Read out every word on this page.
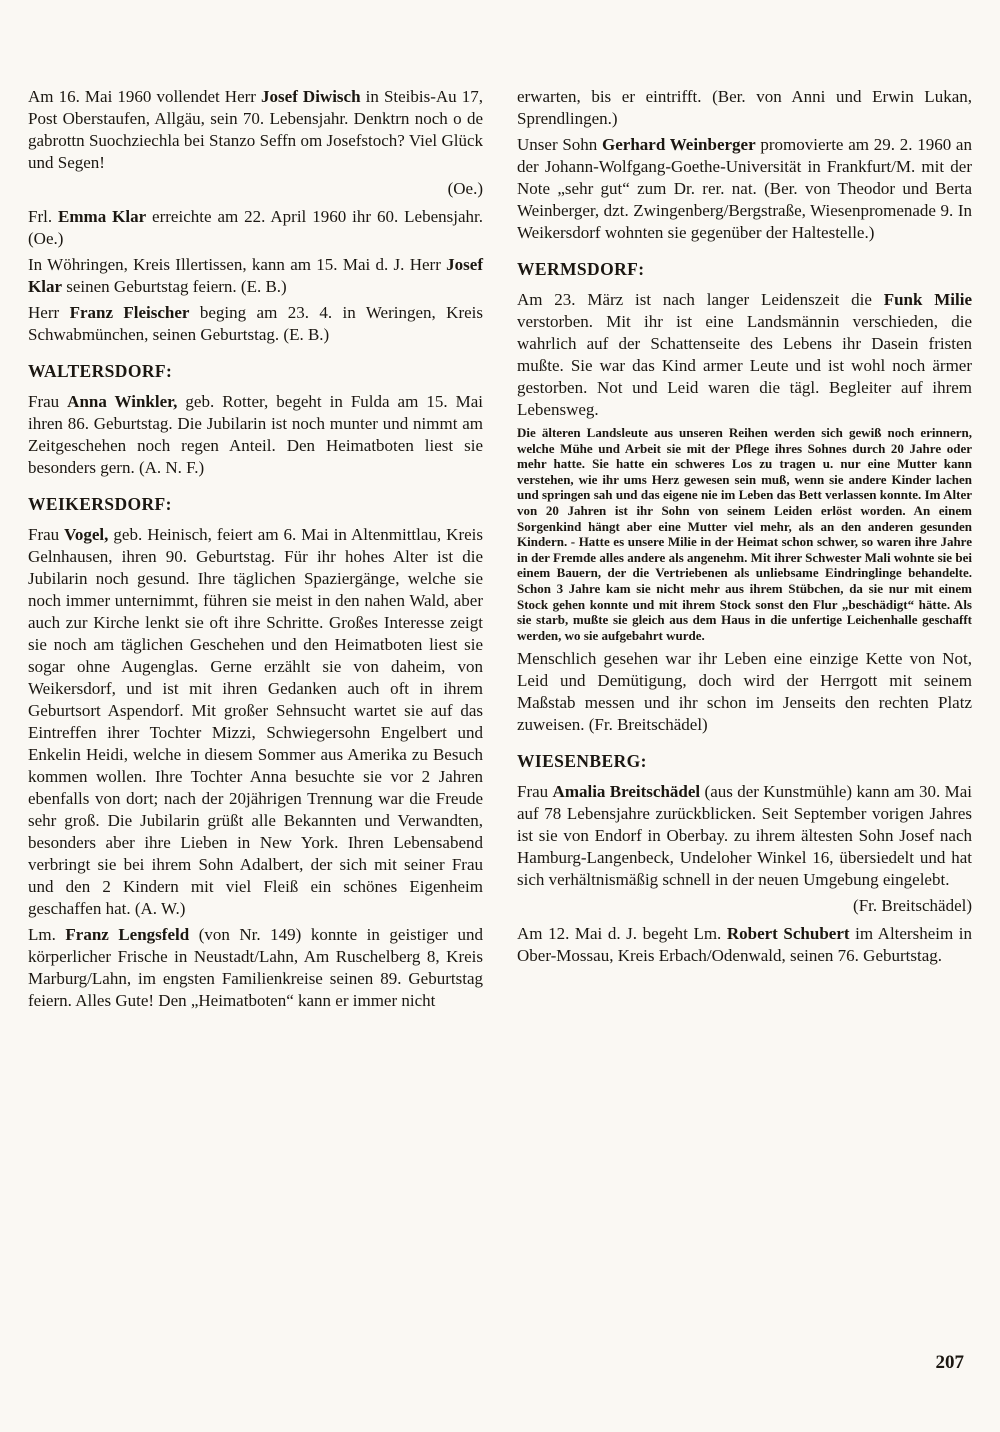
Am 16. Mai 1960 vollendet Herr Josef Diwisch in Steibis-Au 17, Post Oberstaufen, Allgäu, sein 70. Lebensjahr. Denktrn noch o de gabrottn Suochziechla bei Stanzo Seffn om Josefstoch? Viel Glück und Segen!

(Oe.)

Frl. Emma Klar erreichte am 22. April 1960 ihr 60. Lebensjahr. (Oe.)

In Wöhringen, Kreis Illertissen, kann am 15. Mai d. J. Herr Josef Klar seinen Geburtstag feiern. (E. B.)

Herr Franz Fleischer beging am 23. 4. in Weringen, Kreis Schwabmünchen, seinen Geburtstag. (E. B.)

WALTERSDORF:

Frau Anna Winkler, geb. Rotter, begeht in Fulda am 15. Mai ihren 86. Geburtstag. Die Jubilarin ist noch munter und nimmt am Zeitgeschehen noch regen Anteil. Den Heimatboten liest sie besonders gern. (A. N. F.)

WEIKERSDORF:

Frau Vogel, geb. Heinisch, feiert am 6. Mai in Altenmittlau, Kreis Gelnhausen, ihren 90. Geburtstag. Für ihr hohes Alter ist die Jubilarin noch gesund. Ihre täglichen Spaziergänge, welche sie noch immer unternimmt, führen sie meist in den nahen Wald, aber auch zur Kirche lenkt sie oft ihre Schritte. Großes Interesse zeigt sie noch am täglichen Geschehen und den Heimatboten liest sie sogar ohne Augenglas. Gerne erzählt sie von daheim, von Weikersdorf, und ist mit ihren Gedanken auch oft in ihrem Geburtsort Aspendorf. Mit großer Sehnsucht wartet sie auf das Eintreffen ihrer Tochter Mizzi, Schwiegersohn Engelbert und Enkelin Heidi, welche in diesem Sommer aus Amerika zu Besuch kommen wollen. Ihre Tochter Anna besuchte sie vor 2 Jahren ebenfalls von dort; nach der 20jährigen Trennung war die Freude sehr groß. Die Jubilarin grüßt alle Bekannten und Verwandten, besonders aber ihre Lieben in New York. Ihren Lebensabend verbringt sie bei ihrem Sohn Adalbert, der sich mit seiner Frau und den 2 Kindern mit viel Fleiß ein schönes Eigenheim geschaffen hat. (A. W.)

Lm. Franz Lengsfeld (von Nr. 149) konnte in geistiger und körperlicher Frische in Neustadt/Lahn, Am Ruschelberg 8, Kreis Marburg/Lahn, im engsten Familienkreise seinen 89. Geburtstag feiern. Alles Gute! Den „Heimatboten“ kann er immer nicht

erwarten, bis er eintrifft. (Ber. von Anni und Erwin Lukan, Sprendlingen.)

Unser Sohn Gerhard Weinberger promovierte am 29. 2. 1960 an der Johann-Wolfgang-Goethe-Universität in Frankfurt/M. mit der Note „sehr gut“ zum Dr. rer. nat. (Ber. von Theodor und Berta Weinberger, dzt. Zwingenberg/Bergstraße, Wiesenpromenade 9. In Weikersdorf wohnten sie gegenüber der Haltestelle.)

WERMSDORF:

Am 23. März ist nach langer Leidenszeit die Funk Milie verstorben. Mit ihr ist eine Landsmännin verschieden, die wahrlich auf der Schattenseite des Lebens ihr Dasein fristen mußte. Sie war das Kind armer Leute und ist wohl noch ärmer gestorben. Not und Leid waren die tägl. Begleiter auf ihrem Lebensweg.

Die älteren Landsleute aus unseren Reihen werden sich gewiß noch erinnern, welche Mühe und Arbeit sie mit der Pflege ihres Sohnes durch 20 Jahre oder mehr hatte. Sie hatte ein schweres Los zu tragen u. nur eine Mutter kann verstehen, wie ihr ums Herz gewesen sein muß, wenn sie andere Kinder lachen und springen sah und das eigene nie im Leben das Bett verlassen konnte. Im Alter von 20 Jahren ist ihr Sohn von seinem Leiden erlöst worden. An einem Sorgenkind hängt aber eine Mutter viel mehr, als an den anderen gesunden Kindern. - Hatte es unsere Milie in der Heimat schon schwer, so waren ihre Jahre in der Fremde alles andere als angenehm. Mit ihrer Schwester Mali wohnte sie bei einem Bauern, der die Vertriebenen als unliebsame Eindringlinge behandelte. Schon 3 Jahre kam sie nicht mehr aus ihrem Stübchen, da sie nur mit einem Stock gehen konnte und mit ihrem Stock sonst den Flur „beschädigt“ hätte. Als sie starb, mußte sie gleich aus dem Haus in die unfertige Leichenhalle geschafft werden, wo sie aufgebahrt wurde.

Menschlich gesehen war ihr Leben eine einzige Kette von Not, Leid und Demütigung, doch wird der Herrgott mit seinem Maßstab messen und ihr schon im Jenseits den rechten Platz zuweisen. (Fr. Breitschädel)

WIESENBERG:

Frau Amalia Breitschädel (aus der Kunstmühle) kann am 30. Mai auf 78 Lebensjahre zurückblicken. Seit September vorigen Jahres ist sie von Endorf in Oberbay. zu ihrem ältesten Sohn Josef nach Hamburg-Langenbeck, Undeloher Winkel 16, übersiedelt und hat sich verhältnismäßig schnell in der neuen Umgebung eingelebt.

(Fr. Breitschädel)

Am 12. Mai d. J. begeht Lm. Robert Schubert im Altersheim in Ober-Mossau, Kreis Erbach/Odenwald, seinen 76. Geburtstag.

207
